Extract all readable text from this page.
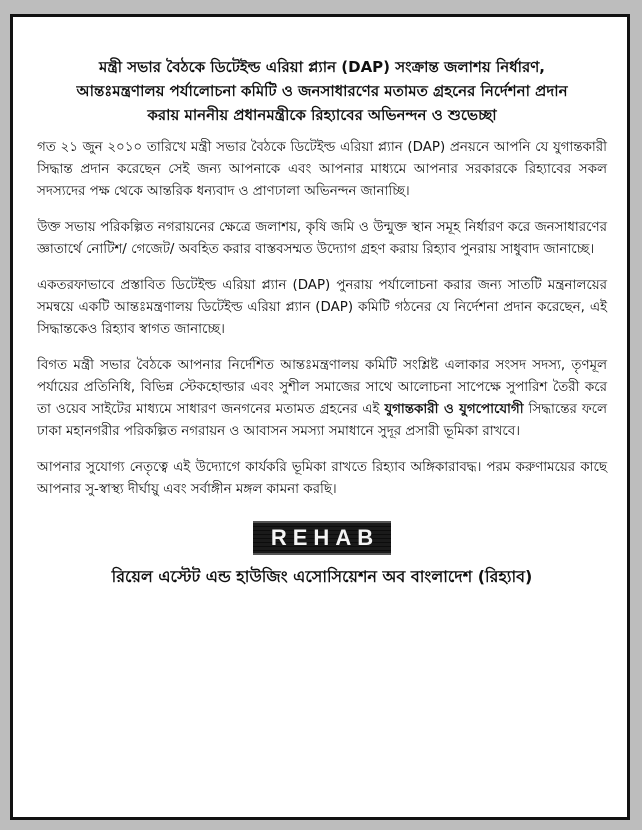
মন্ত্রী সভার বৈঠকে ডিটেইল্ড এরিয়া প্ল্যান (DAP) সংক্রান্ত জলাশয় নির্ধারণ,
আন্তঃমন্ত্রণালয় পর্যালোচনা কমিটি ও জনসাধারণের মতামত গ্রহনের নির্দেশনা প্রদান
করায় মাননীয় প্রধানমন্ত্রীকে রিহ্যাবের অভিনন্দন ও শুভেচ্ছা

গত ২১ জুন ২০১০ তারিখে মন্ত্রী সভার বৈঠকে ডিটেইল্ড এরিয়া প্ল্যান (DAP) প্রনয়নে আপনি যে যুগান্তকারী সিদ্ধান্ত প্রদান করেছেন সেই জন্য আপনাকে এবং আপনার মাধ্যমে আপনার সরকারকে রিহ্যাবের সকল সদস্যদের পক্ষ থেকে আন্তরিক ধন্যবাদ ও প্রাণঢালা অভিনন্দন জানাচ্ছি।

উক্ত সভায় পরিকল্পিত নগরায়নের ক্ষেত্রে জলাশয়, কৃষি জমি ও উন্মুক্ত স্থান সমূহ নির্ধারণ করে জনসাধারণের জ্ঞাতার্থে নোটিশ/ গেজেট/ অবহিত করার বাস্তবসম্মত উদ্যোগ গ্রহণ করায় রিহ্যাব পুনরায় সাধুবাদ জানাচ্ছে।

একতরফাভাবে প্রস্তাবিত ডিটেইল্ড এরিয়া প্ল্যান (DAP) পুনরায় পর্যালোচনা করার জন্য সাতটি মন্ত্রনালয়ের সমন্বয়ে একটি আন্তঃমন্ত্রণালয় ডিটেইল্ড এরিয়া প্ল্যান (DAP) কমিটি গঠনের যে নির্দেশনা প্রদান করেছেন, এই সিদ্ধান্তকেও রিহ্যাব স্বাগত জানাচ্ছে।

বিগত মন্ত্রী সভার বৈঠকে আপনার নির্দেশিত আন্তঃমন্ত্রণালয় কমিটি সংশ্লিষ্ট এলাকার সংসদ সদস্য, তৃণমূল পর্যায়ের প্রতিনিধি, বিভিন্ন স্টেকহোল্ডার এবং সুশীল সমাজের সাথে আলোচনা সাপেক্ষে সুপারিশ তৈরী করে তা ওয়েব সাইটের মাধ্যমে সাধারণ জনগনের মতামত গ্রহনের এই যুগান্তকারী ও যুগপোযোগী সিদ্ধান্তের ফলে ঢাকা মহানগরীর পরিকল্পিত নগরায়ন ও আবাসন সমস্যা সমাধানে সুদূর প্রসারী ভূমিকা রাখবে।

আপনার সুযোগ্য নেতৃত্বে এই উদ্যোগে কার্যকরি ভূমিকা রাখতে রিহ্যাব অঙ্গিকারাবদ্ধ। পরম করুণাময়ের কাছে আপনার সু-স্বাস্থ্য দীর্ঘায়ু এবং সর্বাঙ্গীন মঙ্গল কামনা করছি।

REHAB
রিয়েল এস্টেট এন্ড হাউজিং এসোসিয়েশন অব বাংলাদেশ (রিহ্যাব)
